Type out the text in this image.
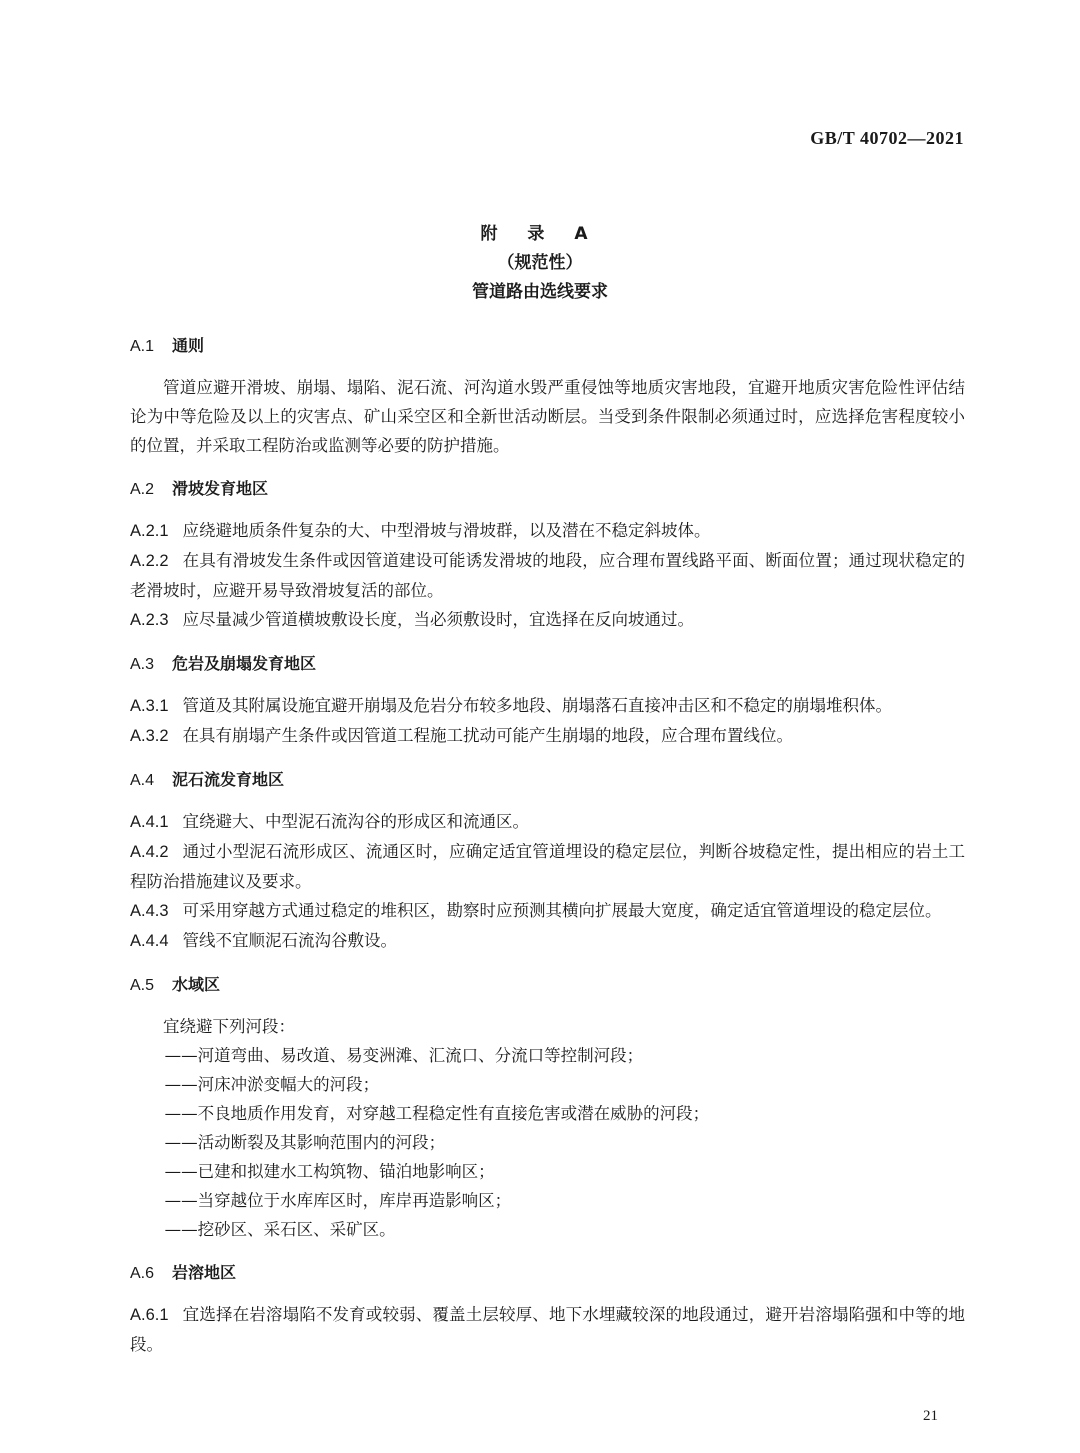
GB/T 40702—2021
附 录 A
（规范性）
管道路由选线要求
A.1 通则
管道应避开滑坡、崩塌、塌陷、泥石流、河沟道水毁严重侵蚀等地质灾害地段，宜避开地质灾害危险性评估结论为中等危险及以上的灾害点、矿山采空区和全新世活动断层。当受到条件限制必须通过时，应选择危害程度较小的位置，并采取工程防治或监测等必要的防护措施。
A.2 滑坡发育地区
A.2.1 应绕避地质条件复杂的大、中型滑坡与滑坡群，以及潜在不稳定斜坡体。
A.2.2 在具有滑坡发生条件或因管道建设可能诱发滑坡的地段，应合理布置线路平面、断面位置；通过现状稳定的老滑坡时，应避开易导致滑坡复活的部位。
A.2.3 应尽量减少管道横坡敷设长度，当必须敷设时，宜选择在反向坡通过。
A.3 危岩及崩塌发育地区
A.3.1 管道及其附属设施宜避开崩塌及危岩分布较多地段、崩塌落石直接冲击区和不稳定的崩塌堆积体。
A.3.2 在具有崩塌产生条件或因管道工程施工扰动可能产生崩塌的地段，应合理布置线位。
A.4 泥石流发育地区
A.4.1 宜绕避大、中型泥石流沟谷的形成区和流通区。
A.4.2 通过小型泥石流形成区、流通区时，应确定适宜管道埋设的稳定层位，判断谷坡稳定性，提出相应的岩土工程防治措施建议及要求。
A.4.3 可采用穿越方式通过稳定的堆积区，勘察时应预测其横向扩展最大宽度，确定适宜管道埋设的稳定层位。
A.4.4 管线不宜顺泥石流沟谷敷设。
A.5 水域区
宜绕避下列河段：
——河道弯曲、易改道、易变洲滩、汇流口、分流口等控制河段；
——河床冲淤变幅大的河段；
——不良地质作用发育，对穿越工程稳定性有直接危害或潜在威胁的河段；
——活动断裂及其影响范围内的河段；
——已建和拟建水工构筑物、锚泊地影响区；
——当穿越位于水库库区时，库岸再造影响区；
——挖砂区、采石区、采矿区。
A.6 岩溶地区
A.6.1 宜选择在岩溶塌陷不发育或较弱、覆盖土层较厚、地下水埋藏较深的地段通过，避开岩溶塌陷强和中等的地段。
21
